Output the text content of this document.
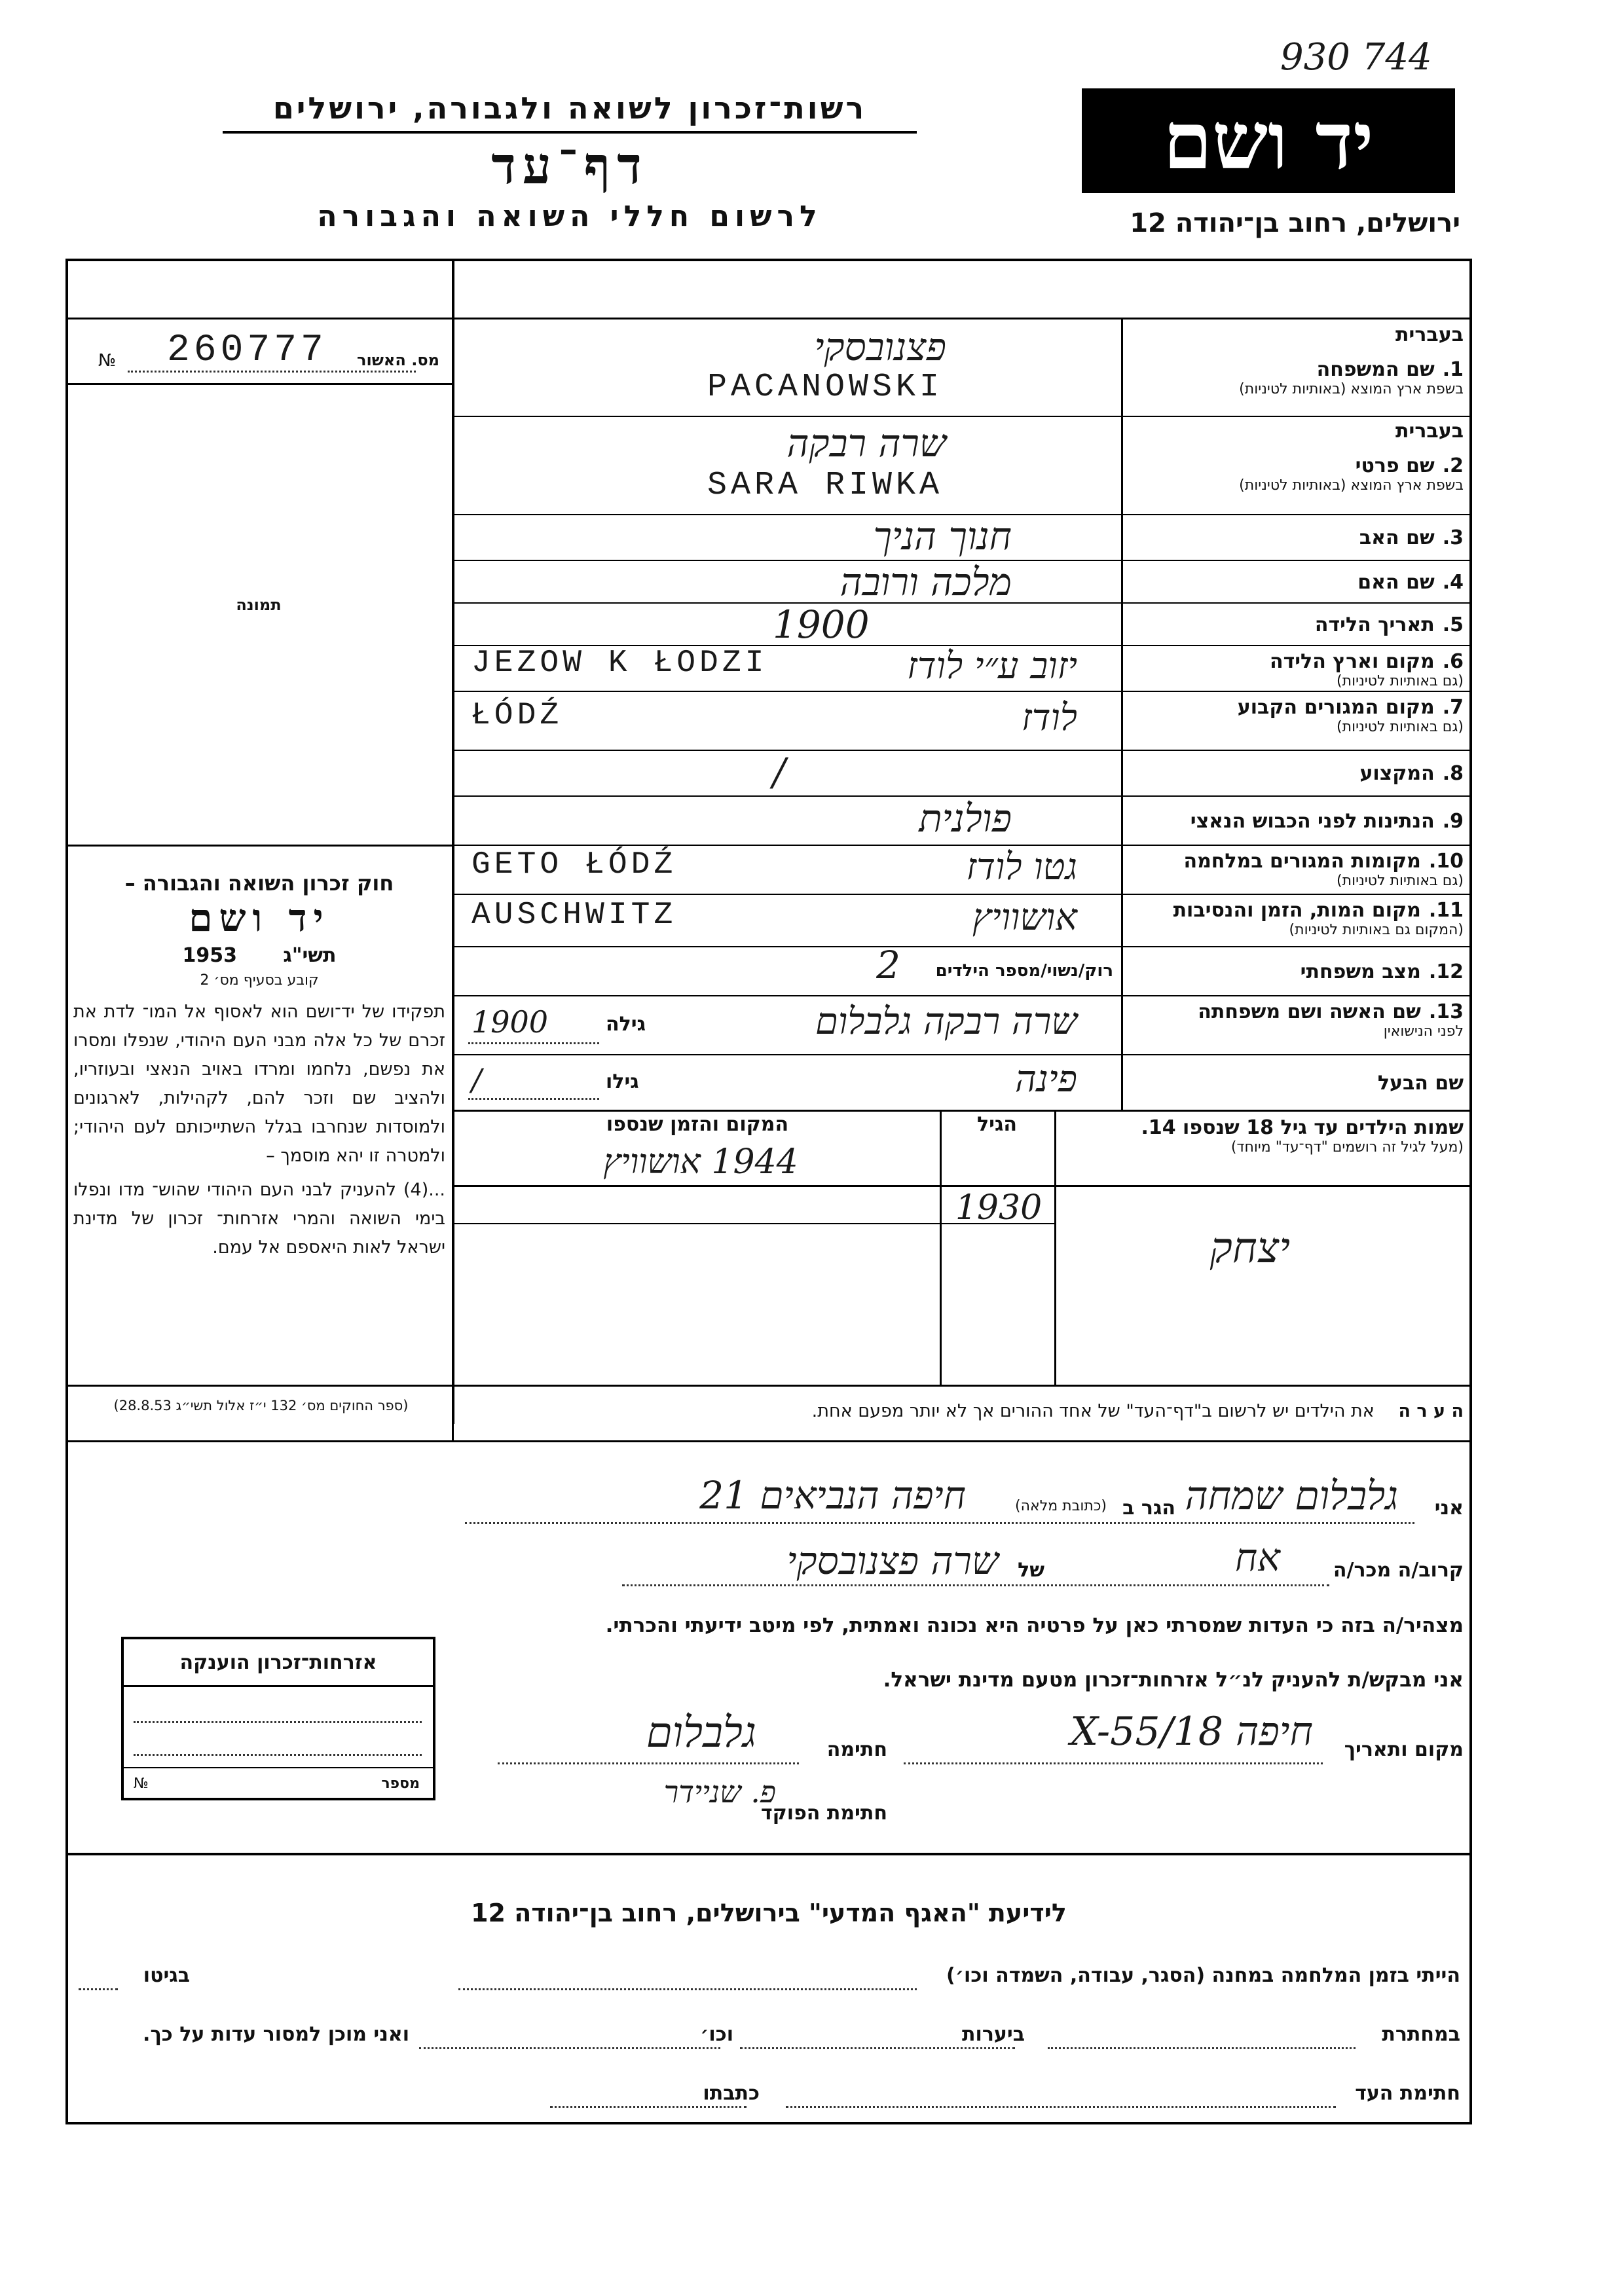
930 744
יד ושם
ירושלים, רחוב בן־יהודה 12
רשות־זכרון לשואה ולגבורה, ירושלים
דף־עד
לרשום חללי השואה והגבורה
№ 260777 מס. האשור
תמונה
בעברית
1.שם המשפחה
בשפת ארץ המוצא (באותיות לטיניות)
פצנובסקי
PACANOWSKI
בעברית
2.שם פרטי
בשפת ארץ המוצא (באותיות לטיניות)
שרה רבקה
SARA RIWKA
3.שם האב
חנוך הניך
4.שם האם
מלכה ורובה
5.תאריך הלידה
1900
6.מקום וארץ הלידה
(גם באותיות לטיניות)
יזוב ע״י לודז
JEZOW K ŁODZI
7.מקום המגורים הקבוע
(גם באותיות לטיניות)
לודז
ŁÓDŹ
8.המקצוע
/
9.הנתינות לפני הכבוש הנאצי
פולנית
10.מקומות המגורים במלחמה
(גם באותיות לטיניות)
גטו לודז
GETO ŁÓDŹ
11.מקום המות, הזמן והנסיבות
(המקום גם באותיות לטיניות)
אושוויץ
AUSCHWITZ
12.מצב משפחתי
רוק/נשוי/מספר הילדים
2
13.שם האשה ושם משפחתה
לפני הנישואין
שרה רבקה גלבלום
גילה
1900
שם הבעל
פינה
גילו
/
שמות הילדים עד גיל 18 שנספו 14.
(מעל לגיל זה רושמים "דף־עד" מיוחד)
הגיל
המקום והזמן שנספו
1944 אושוויץ
1930
יצחק

חוק זכרון השואה והגבורה –

יד ושם

תשי"ג 1953

קובע בסעיף מס׳ 2

תפקידו של יד־ושם הוא לאסוף אל המו־ לדת את זכרם של כל אלה מבני העם היהודי, שנפלו ומסרו את נפשם, נלחמו ומרדו באויב הנאצי ובעוזריו, ולהציב שם וזכר להם, לקהילות, לארגונים ולמוסדות שנחרבו בגלל השתייכותם לעם היהודי; ולמטרה זו יהא מוסמך –

...(4) להעניק לבני העם היהודי שהוש־ מדו ונפלו בימי השואה והמרי אזרחות־ זכרון של מדינת ישראל לאות היאספם אל עמם.

(ספר החוקים מס׳ 132 י״ז אלול תשי״ג 28.8.53)	ה ע ר ה את הילדים יש לרשום ב"דף־העד" של אחד ההורים אך לא יותר מפעם אחת.
אני
גלבלום שמחה
הגר ב
(כתובת מלאה)
חיפה הנביאים 21
קרוב/ה מכר/ה
אח
של
שרה פצנובסקי
מצהיר/ה בזה כי העדות שמסרתי כאן על פרטיה היא נכונה ואמתית, לפי מיטב ידיעתי והכרתי.
אני מבקש/ת להעניק לנ״ל אזרחות־זכרון מטעם מדינת ישראל.
מקום ותאריך
חיפה 18/X-55
חתימה
גלבלום
חתימת הפוקד
פ. שניידר
אזרחות־זכרון הוענקה
№	מספר
לידיעת "האגף המדעי" בירושלים, רחוב בן־יהודה 12
הייתי בזמן המלחמה במחנה (הסגר, עבודה, השמדה וכו׳)
בגיטו
במחתרת
ביערות
וכו׳
ואני מוכן למסור עדות על כך.
חתימת העד
כתבתו
